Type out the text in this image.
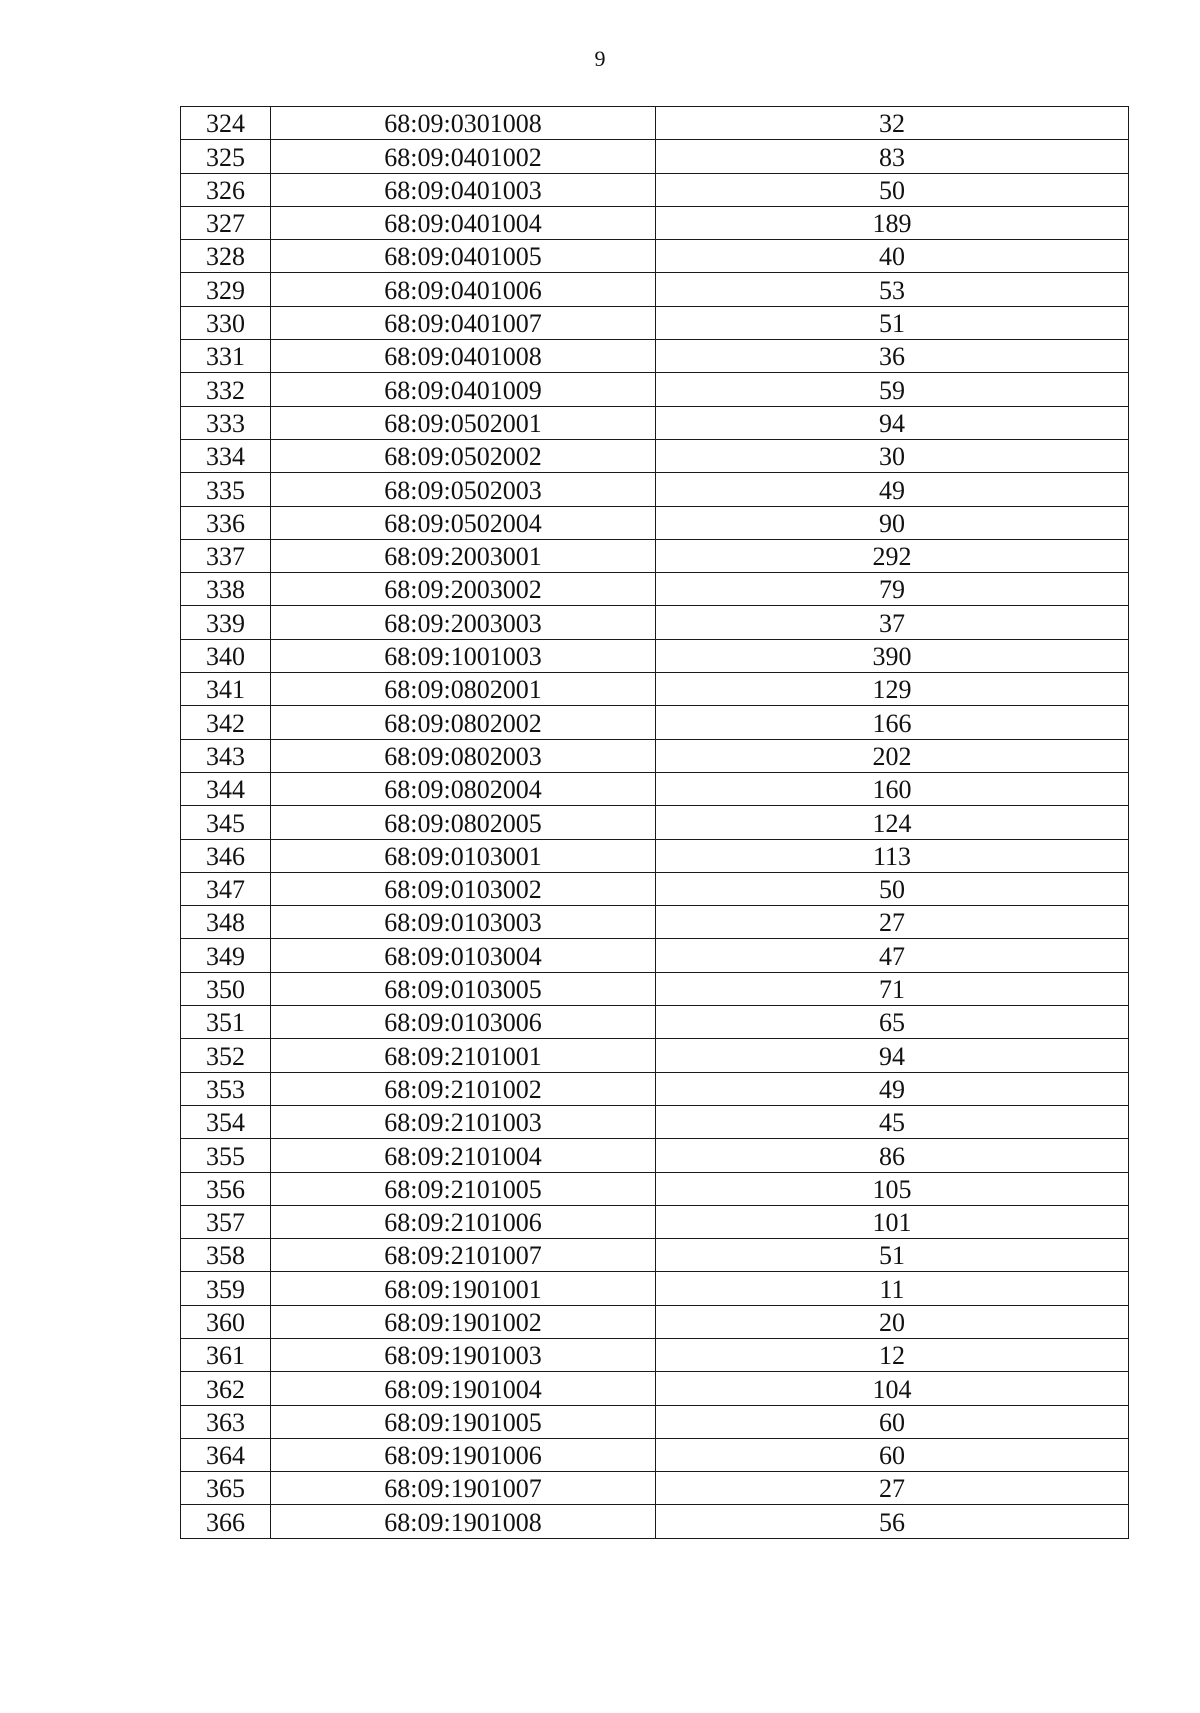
9
324	68:09:0301008	32
325	68:09:0401002	83
326	68:09:0401003	50
327	68:09:0401004	189
328	68:09:0401005	40
329	68:09:0401006	53
330	68:09:0401007	51
331	68:09:0401008	36
332	68:09:0401009	59
333	68:09:0502001	94
334	68:09:0502002	30
335	68:09:0502003	49
336	68:09:0502004	90
337	68:09:2003001	292
338	68:09:2003002	79
339	68:09:2003003	37
340	68:09:1001003	390
341	68:09:0802001	129
342	68:09:0802002	166
343	68:09:0802003	202
344	68:09:0802004	160
345	68:09:0802005	124
346	68:09:0103001	113
347	68:09:0103002	50
348	68:09:0103003	27
349	68:09:0103004	47
350	68:09:0103005	71
351	68:09:0103006	65
352	68:09:2101001	94
353	68:09:2101002	49
354	68:09:2101003	45
355	68:09:2101004	86
356	68:09:2101005	105
357	68:09:2101006	101
358	68:09:2101007	51
359	68:09:1901001	11
360	68:09:1901002	20
361	68:09:1901003	12
362	68:09:1901004	104
363	68:09:1901005	60
364	68:09:1901006	60
365	68:09:1901007	27
366	68:09:1901008	56
